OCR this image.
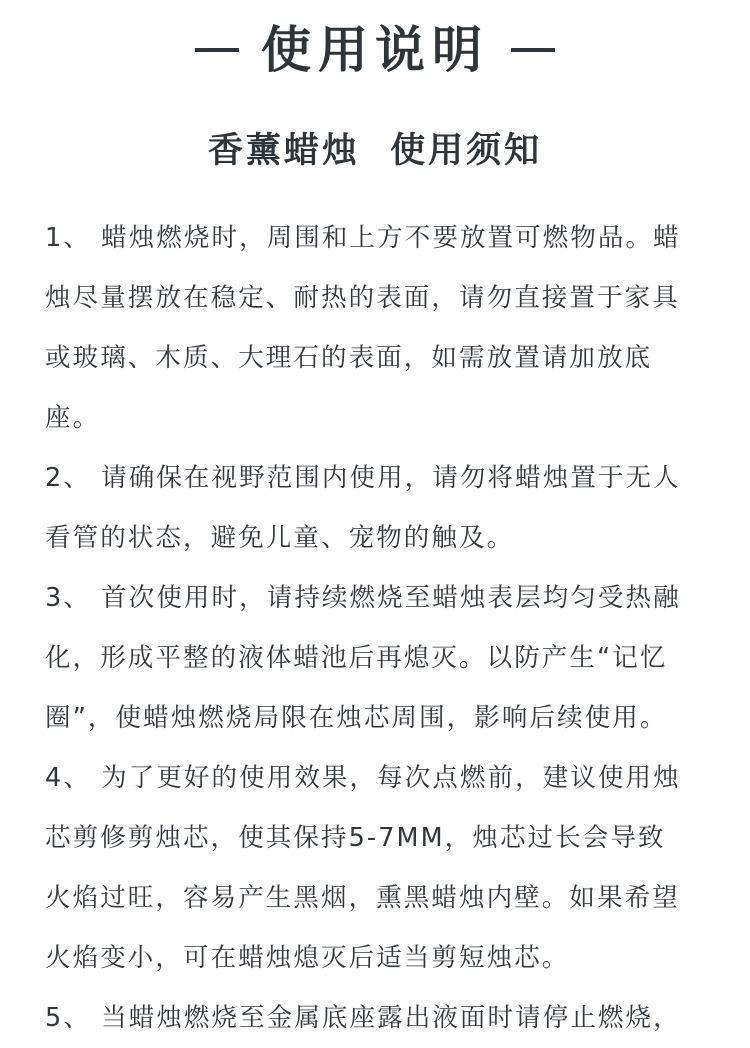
使用说明
香薰蜡烛  使用须知
1、 蜡烛燃烧时，周围和上方不要放置可燃物品。蜡
烛尽量摆放在稳定、耐热的表面，请勿直接置于家具
或玻璃、木质、大理石的表面，如需放置请加放底
座。
2、 请确保在视野范围内使用，请勿将蜡烛置于无人
看管的状态，避免儿童、宠物的触及。
3、 首次使用时，请持续燃烧至蜡烛表层均匀受热融
化，形成平整的液体蜡池后再熄灭。以防产生“记忆
圈”，使蜡烛燃烧局限在烛芯周围，影响后续使用。
4、 为了更好的使用效果，每次点燃前，建议使用烛
芯剪修剪烛芯，使其保持5-7MM，烛芯过长会导致
火焰过旺，容易产生黑烟，熏黑蜡烛内壁。如果希望
火焰变小，可在蜡烛熄灭后适当剪短烛芯。
5、 当蜡烛燃烧至金属底座露出液面时请停止燃烧，
